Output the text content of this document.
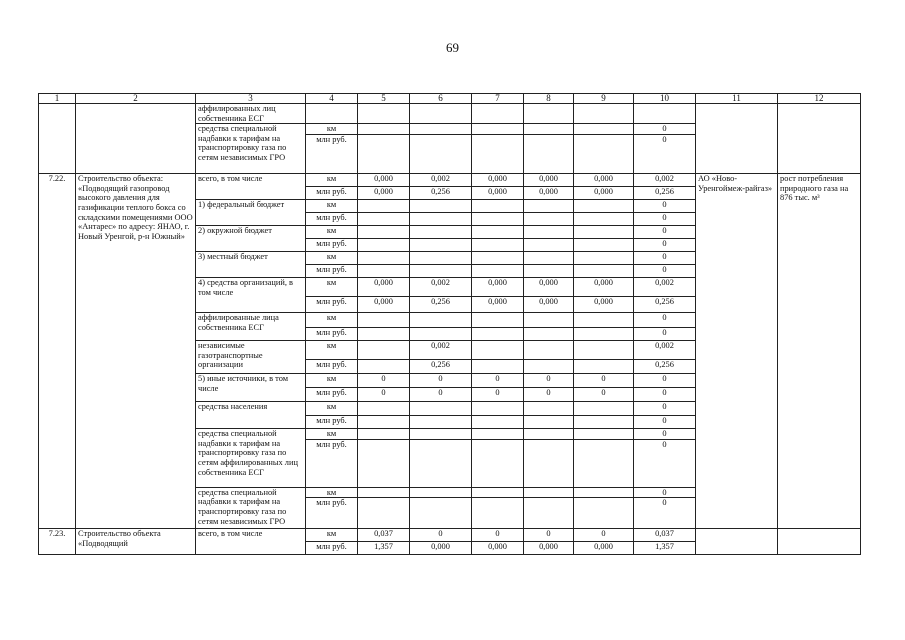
69
1	2	3	4	5	6	7	8	9	10	11	12
		аффилированных лиц собственника ЕСГ									
		средства специальной надбавки к тарифам на транспортировку газа по сетям независимых ГРО	км						0		
			млн руб.						0		
7.22.	Строительство объекта: «Подводящий газопровод высокого давления для газификации теплого бокса со складскими помещениями ООО «Антарес» по адресу: ЯНАО, г. Новый Уренгой, р-н Южный»	всего, в том числе	км	0,000	0,002	0,000	0,000	0,000	0,002	АО «Ново-Уренгоймеж-райгаз»	рост потребления природного газа на 876 тыс. м³
			млн руб.	0,000	0,256	0,000	0,000	0,000	0,256		
		1) федеральный бюджет	км						0		
			млн руб.						0		
		2) окружной бюджет	км						0		
			млн руб.						0		
		3) местный бюджет	км						0		
			млн руб.						0		
		4) средства организаций, в том числе	км	0,000	0,002	0,000	0,000	0,000	0,002		
			млн руб.	0,000	0,256	0,000	0,000	0,000	0,256		
		аффилированные лица собственника ЕСГ	км						0		
			млн руб.						0		
		независимые газотранспортные организации	км		0,002				0,002		
			млн руб.		0,256				0,256		
		5) иные источники, в том числе	км	0	0	0	0	0	0		
			млн руб.	0	0	0	0	0	0		
		средства населения	км						0		
			млн руб.						0		
		средства специальной надбавки к тарифам на транспортировку газа по сетям аффилированных лиц собственника ЕСГ	км						0		
			млн руб.						0		
		средства специальной надбавки к тарифам на транспортировку газа по сетям независимых ГРО	км						0		
			млн руб.						0		
7.23.	Строительство объекта «Подводящий	всего, в том числе	км	0,037	0	0	0	0	0,037		
			млн руб.	1,357	0,000	0,000	0,000	0,000	1,357		
